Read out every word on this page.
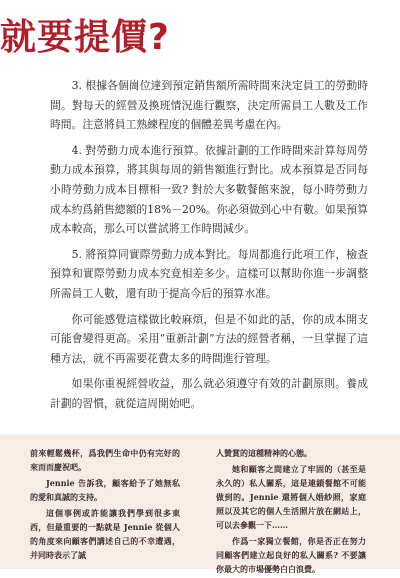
就要提價?

3. 根據各個崗位達到預定銷售額所需時間來決定員工的勞動時間。對每天的經營及換班情況進行觀察，決定所需員工人數及工作時間。注意將員工熟練程度的個體差異考慮在內。

4. 對勞動力成本進行預算。依據計劃的工作時間來計算每周勞動力成本預算，將其與每周的銷售額進行對比。成本預算是否同每小時勞動力成本目標相一致? 對於大多數餐館來說，每小時勞動力成本約爲銷售總額的18%－20%。你必須做到心中有數。如果預算成本較高，那么可以嘗試將工作時間減少。

5. 將預算同實際勞動力成本對比。每周都進行此項工作，檢查預算和實際勞動力成本究竟相差多少。這樣可以幫助你進一步調整所需員工人數，還有助于提高今后的預算水准。

你可能感覺這樣做比較麻煩，但是不如此的話，你的成本開支可能會變得更高。采用“重新計劃”方法的經營者稱，一旦掌握了這種方法，就不再需要花費太多的時間進行管理。

如果你重視經營收益，那么就必須遵守有效的計劃原則。養成計劃的習慣，就從這周開始吧。

前來輕鬆幾杯，爲我們生命中仍有完好的來而而慶祝吧。

Jennie 告訴我，顧客給予了她無私的愛和真誠的支持。

這個事例或許能讓我們學到很多東西，但最重要的一點就是 Jennie 從個人的角度來向顧客們講述自己的不幸遭遇，并同時表示了誠

人贊賞的這種精神的心態。

她和顧客之間建立了牢固的（甚至是永久的）私人關系，這是連鎖餐館不可能做到的。Jennie 還將個人婚紗照，家庭照以及其它的個人生活照片放在網站上，可以去參觀一下……

作爲一家獨立餐館，你是否正在努力同顧客們建立起良好的私人關系? 不要讓你最大的市場優勢白白浪費。
